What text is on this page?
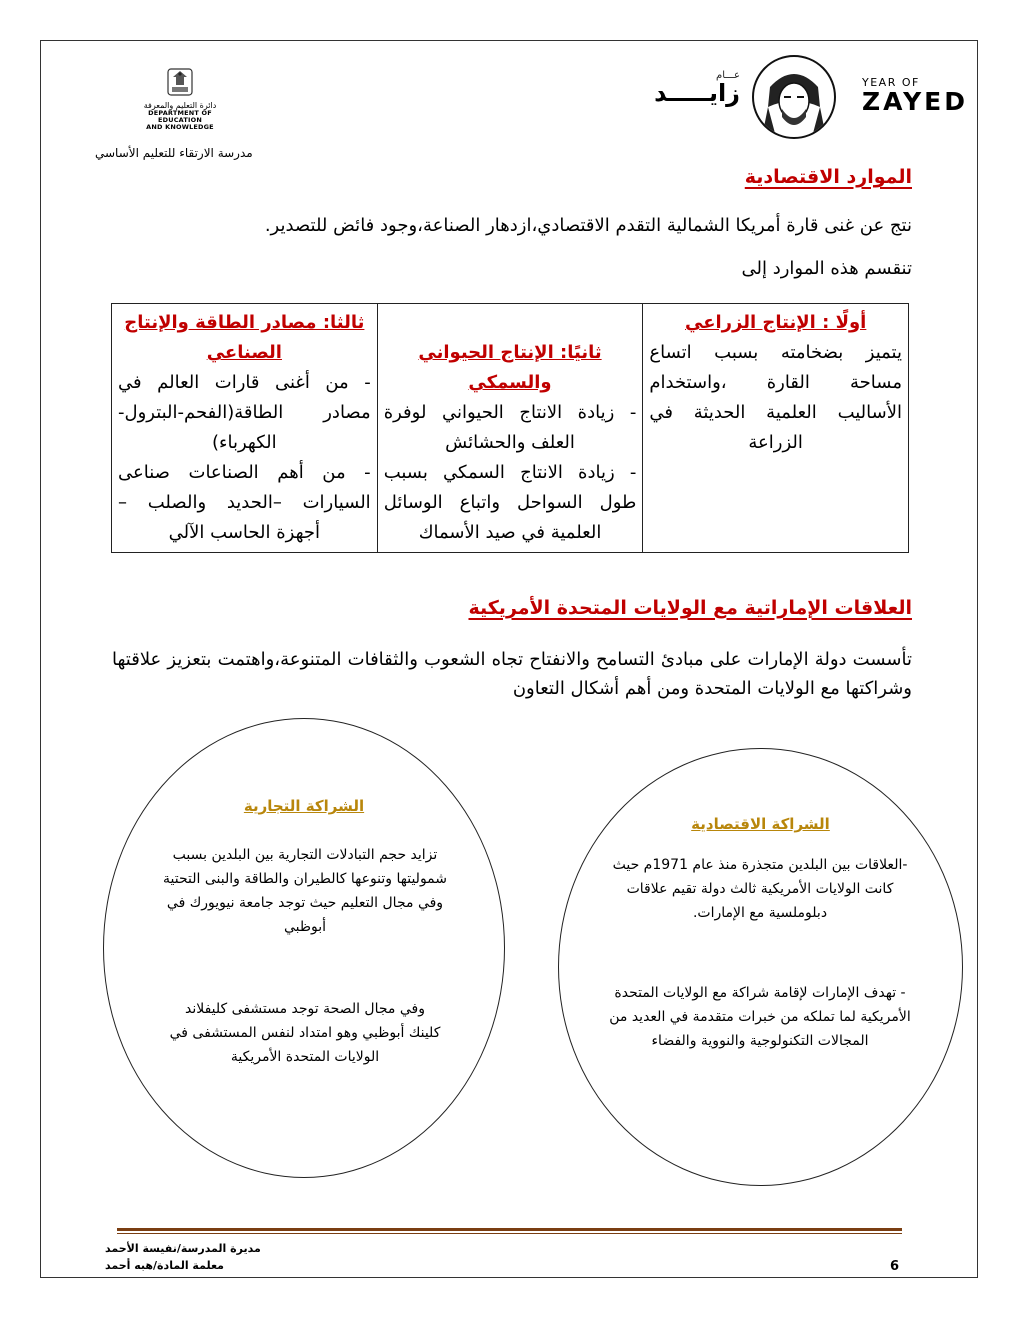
دائرة التعليم والمعرفة
DEPARTMENT OF EDUCATION
AND KNOWLEDGE
مدرسة الارتقاء للتعليم الأساسي
عـــام
زايـــــد	YEAR OF
ZAYED
الموارد الاقتصادية
نتج عن غنى قارة أمريكا الشمالية التقدم الاقتصادي،ازدهار الصناعة،وجود فائض للتصدير.
تنقسم هذه الموارد إلى
أولًا : الإنتاج الزراعي
يتميز بضخامته بسبب اتساع مساحة القارة ،واستخدام الأساليب العلمية الحديثة في الزراعة

ثانيًا: الإنتاج الحيواني والسمكي
- زيادة الانتاج الحيواني لوفرة العلف والحشائش
- زيادة الانتاج السمكي بسبب طول السواحل واتباع الوسائل العلمية في صيد الأسماك

ثالثا: مصادر الطاقة والإنتاج الصناعي
- من أغنى قارات العالم في مصادر الطاقة(الفحم-البترول-الكهرباء)
- من أهم الصناعات صناعى السيارات –الحديد والصلب – أجهزة الحاسب الآلي
العلاقات الإماراتية مع الولايات المتحدة الأمريكية
تأسست دولة الإمارات على مبادئ التسامح والانفتاح تجاه الشعوب والثقافات المتنوعة،واهتمت بتعزيز علاقتها وشراكتها مع الولايات المتحدة ومن أهم أشكال التعاون
الشراكة التجارية
تزايد حجم التبادلات التجارية بين البلدين بسبب شموليتها وتنوعها كالطيران والطاقة والبنى التحتية وفي مجال التعليم حيث توجد جامعة نيويورك في أبوظبي
وفي مجال الصحة توجد مستشفى كليفلاند كلينك أبوظبي وهو امتداد لنفس المستشفى في الولايات المتحدة الأمريكية
الشراكة الاقتصادية
-العلاقات بين البلدين متجذرة منذ عام 1971م حيث كانت الولايات الأمريكية ثالث دولة تقيم علاقات دبلوملسية مع الإمارات.
- تهدف الإمارات لإقامة شراكة مع الولايات المتحدة الأمريكية لما تملكه من خبرات متقدمة في العديد من المجالات التكنولوجية والنووية والفضاء
مديرة المدرسة/نفيسة الأحمد
معلمة المادة/هبه أحمد	6
